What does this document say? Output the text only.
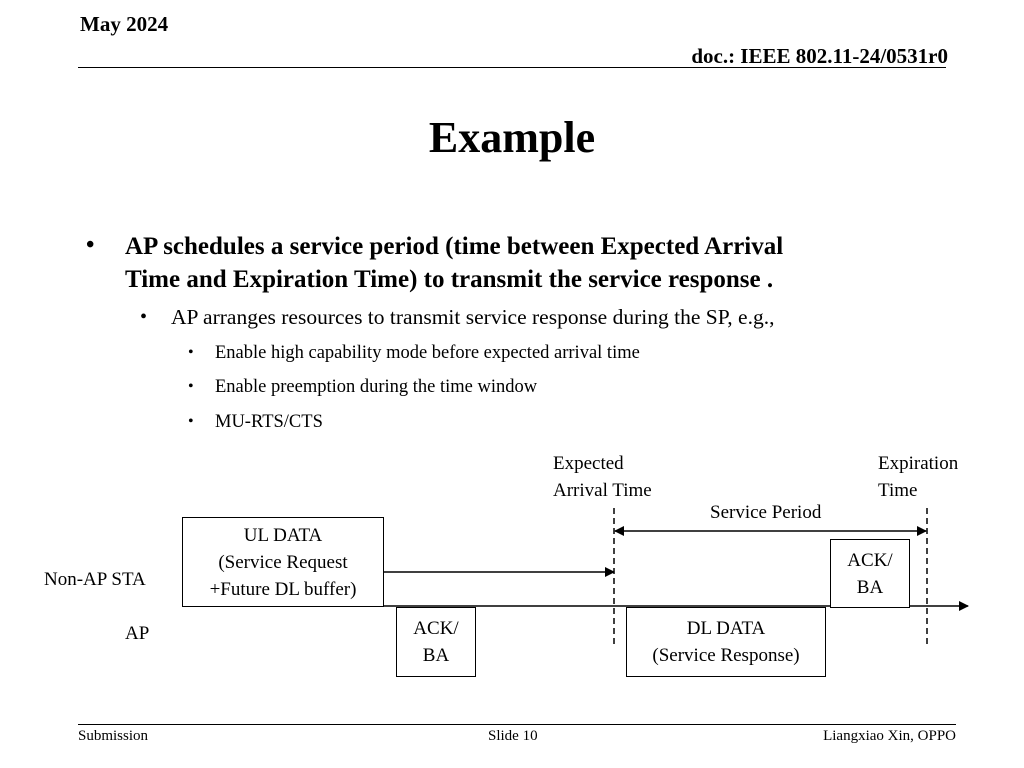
May 2024
doc.: IEEE 802.11-24/0531r0
Example
• AP schedules a service period (time between Expected Arrival
Time and Expiration Time) to transmit the service response .
• AP arranges resources to transmit service response during the SP, e.g.,
• Enable high capability mode before expected arrival time
• Enable preemption during the time window
• MU-RTS/CTS
Expected
Arrival Time
Expiration
Time
Service Period
Non-AP STA
AP
UL DATA
(Service Request
+Future DL buffer)
ACK/
BA
ACK/
BA
DL DATA
(Service Response)
Submission	Slide 10	Liangxiao Xin, OPPO
